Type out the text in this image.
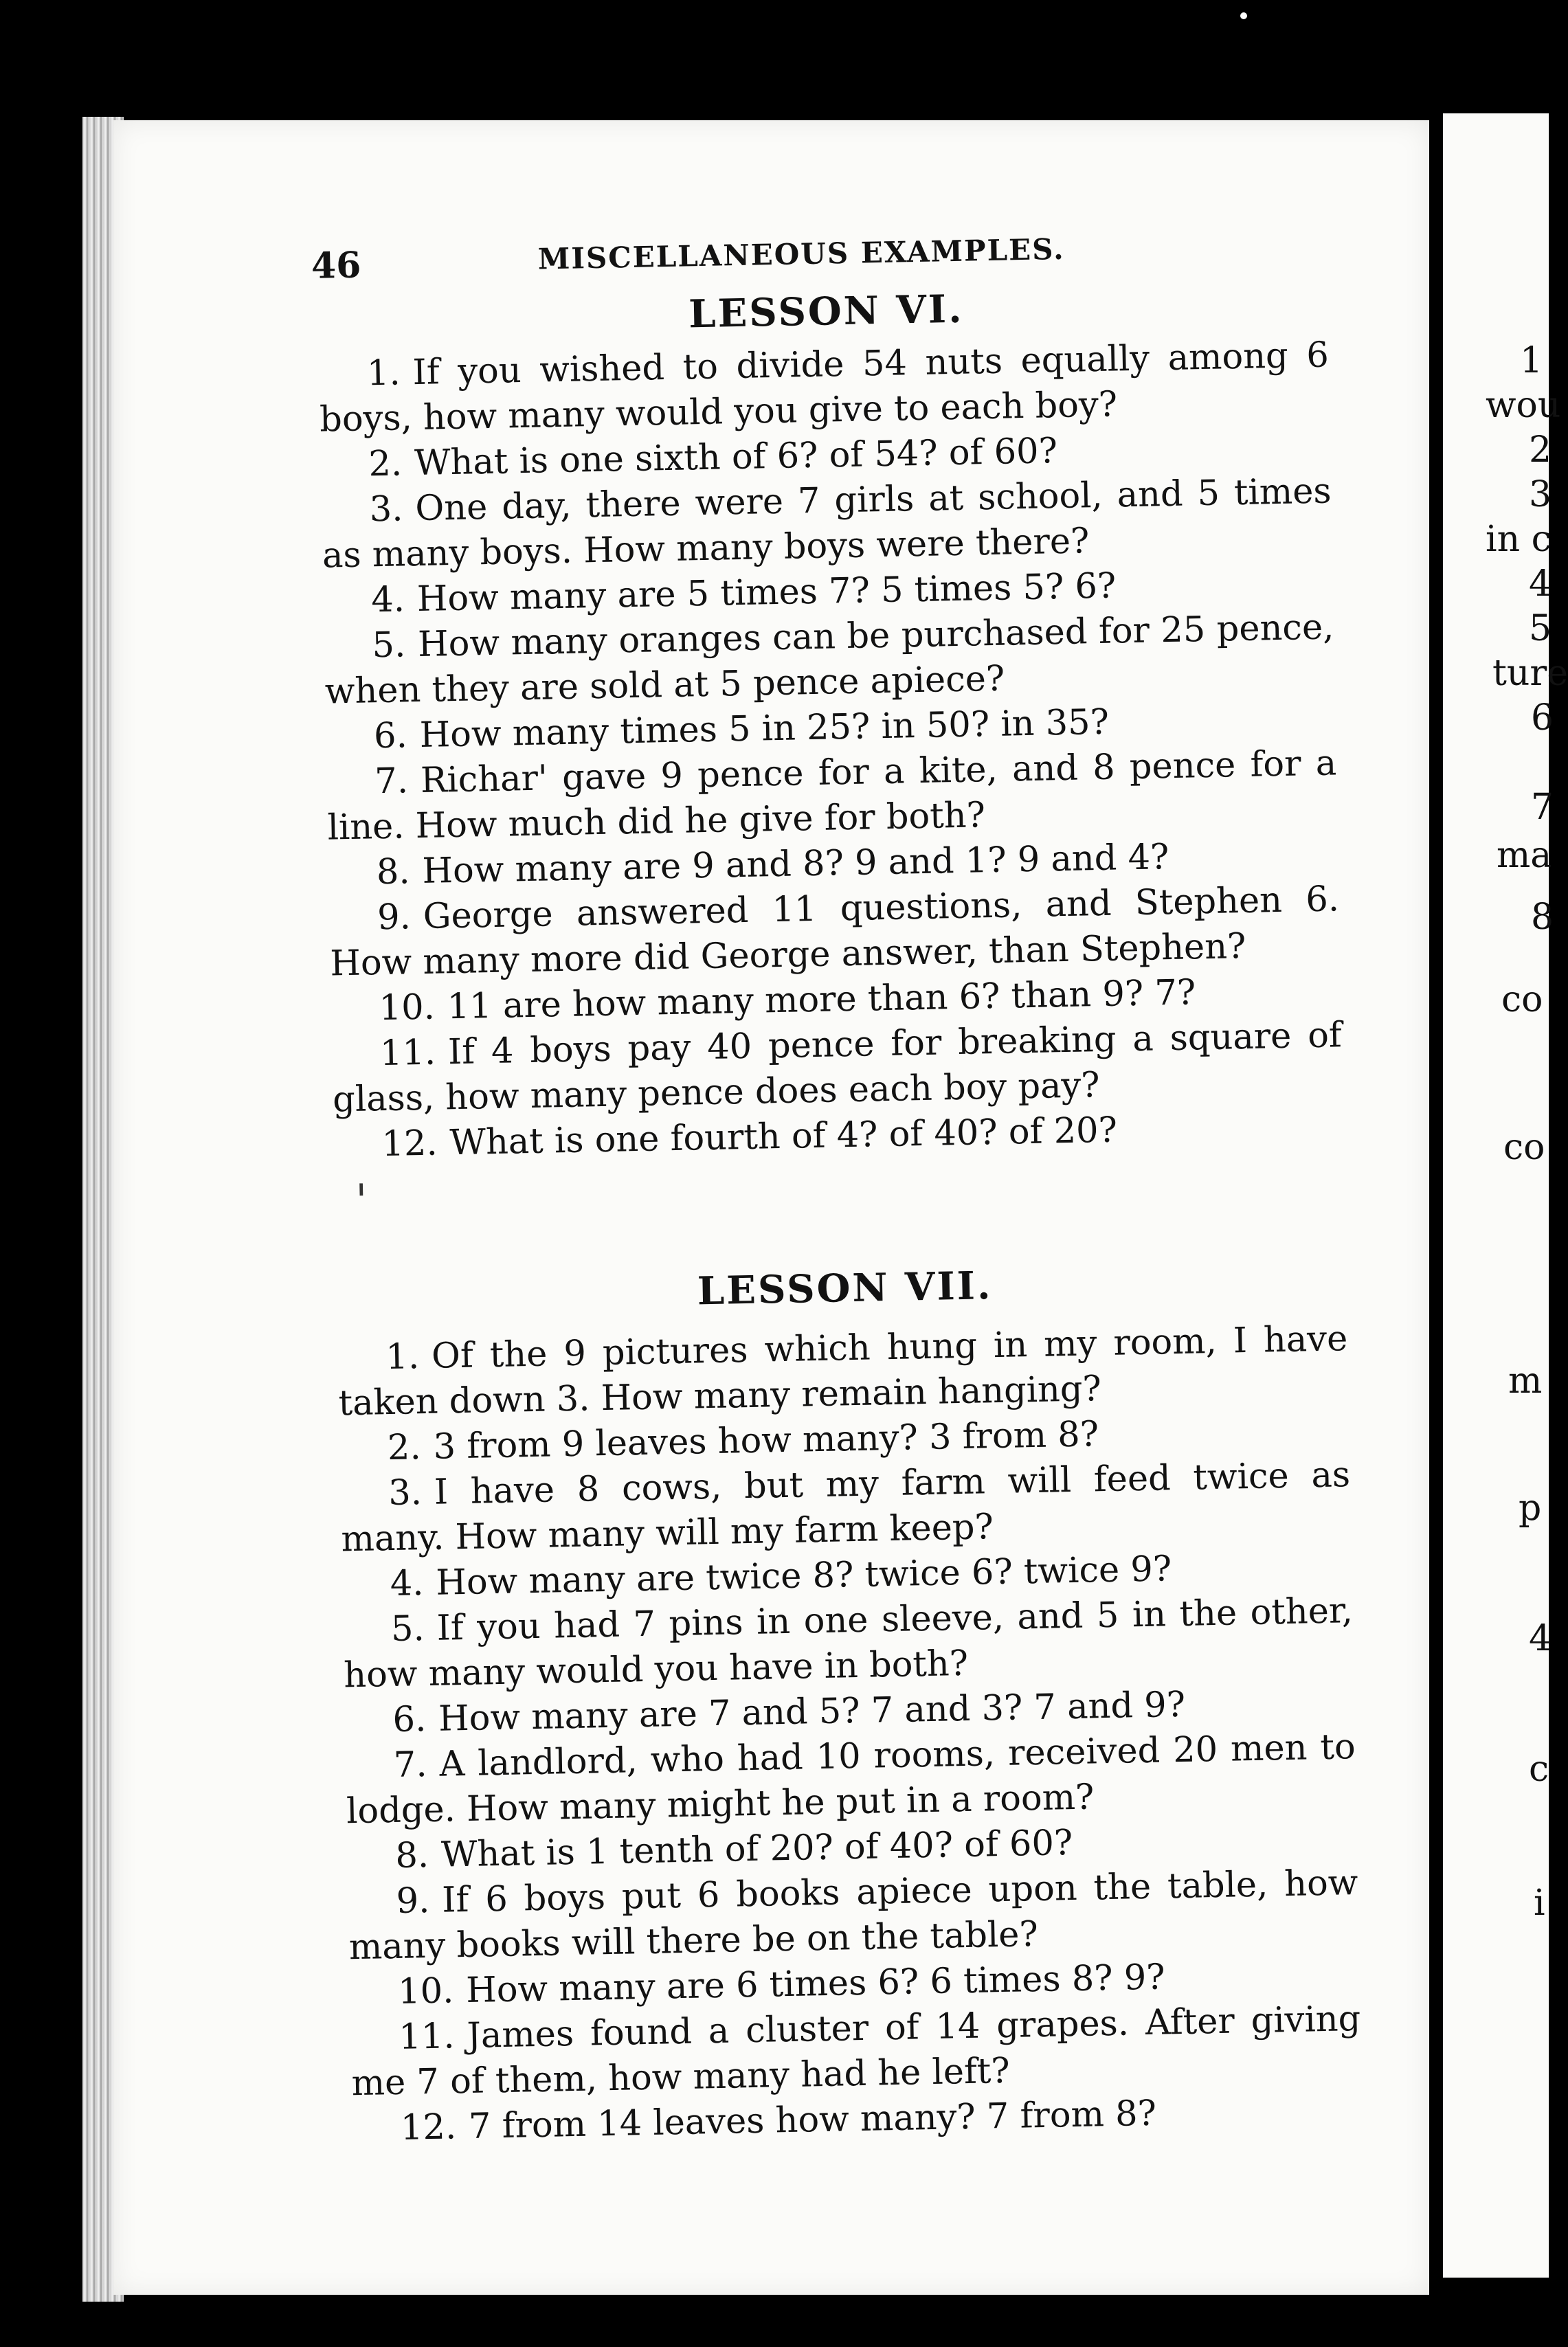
1
wou
2
3
in c
4
5
ture
6
7
ma
8
co
co
m
p
4
c
i
46	MISCELLANEOUS EXAMPLES.
LESSON VI.
1. If you wished to divide 54 nuts equally among 6 boys, how many would you give to each boy?
2. What is one sixth of 6? of 54? of 60?
3. One day, there were 7 girls at school, and 5 times as many boys. How many boys were there?
4. How many are 5 times 7? 5 times 5? 6?
5. How many oranges can be purchased for 25 pence, when they are sold at 5 pence apiece?
6. How many times 5 in 25? in 50? in 35?
7. Richar' gave 9 pence for a kite, and 8 pence for a line. How much did he give for both?
8. How many are 9 and 8? 9 and 1? 9 and 4?
9. George answered 11 questions, and Stephen 6. How many more did George answer, than Stephen?
10. 11 are how many more than 6? than 9? 7?
11. If 4 boys pay 40 pence for breaking a square of glass, how many pence does each boy pay?
12. What is one fourth of 4? of 40? of 20?
╻
LESSON VII.
1. Of the 9 pictures which hung in my room, I have taken down 3. How many remain hanging?
2. 3 from 9 leaves how many? 3 from 8?
3. I have 8 cows, but my farm will feed twice as many. How many will my farm keep?
4. How many are twice 8? twice 6? twice 9?
5. If you had 7 pins in one sleeve, and 5 in the other, how many would you have in both?
6. How many are 7 and 5? 7 and 3? 7 and 9?
7. A landlord, who had 10 rooms, received 20 men to lodge. How many might he put in a room?
8. What is 1 tenth of 20? of 40? of 60?
9. If 6 boys put 6 books apiece upon the table, how many books will there be on the table?
10. How many are 6 times 6? 6 times 8? 9?
11. James found a cluster of 14 grapes. After giving me 7 of them, how many had he left?
12. 7 from 14 leaves how many? 7 from 8?
